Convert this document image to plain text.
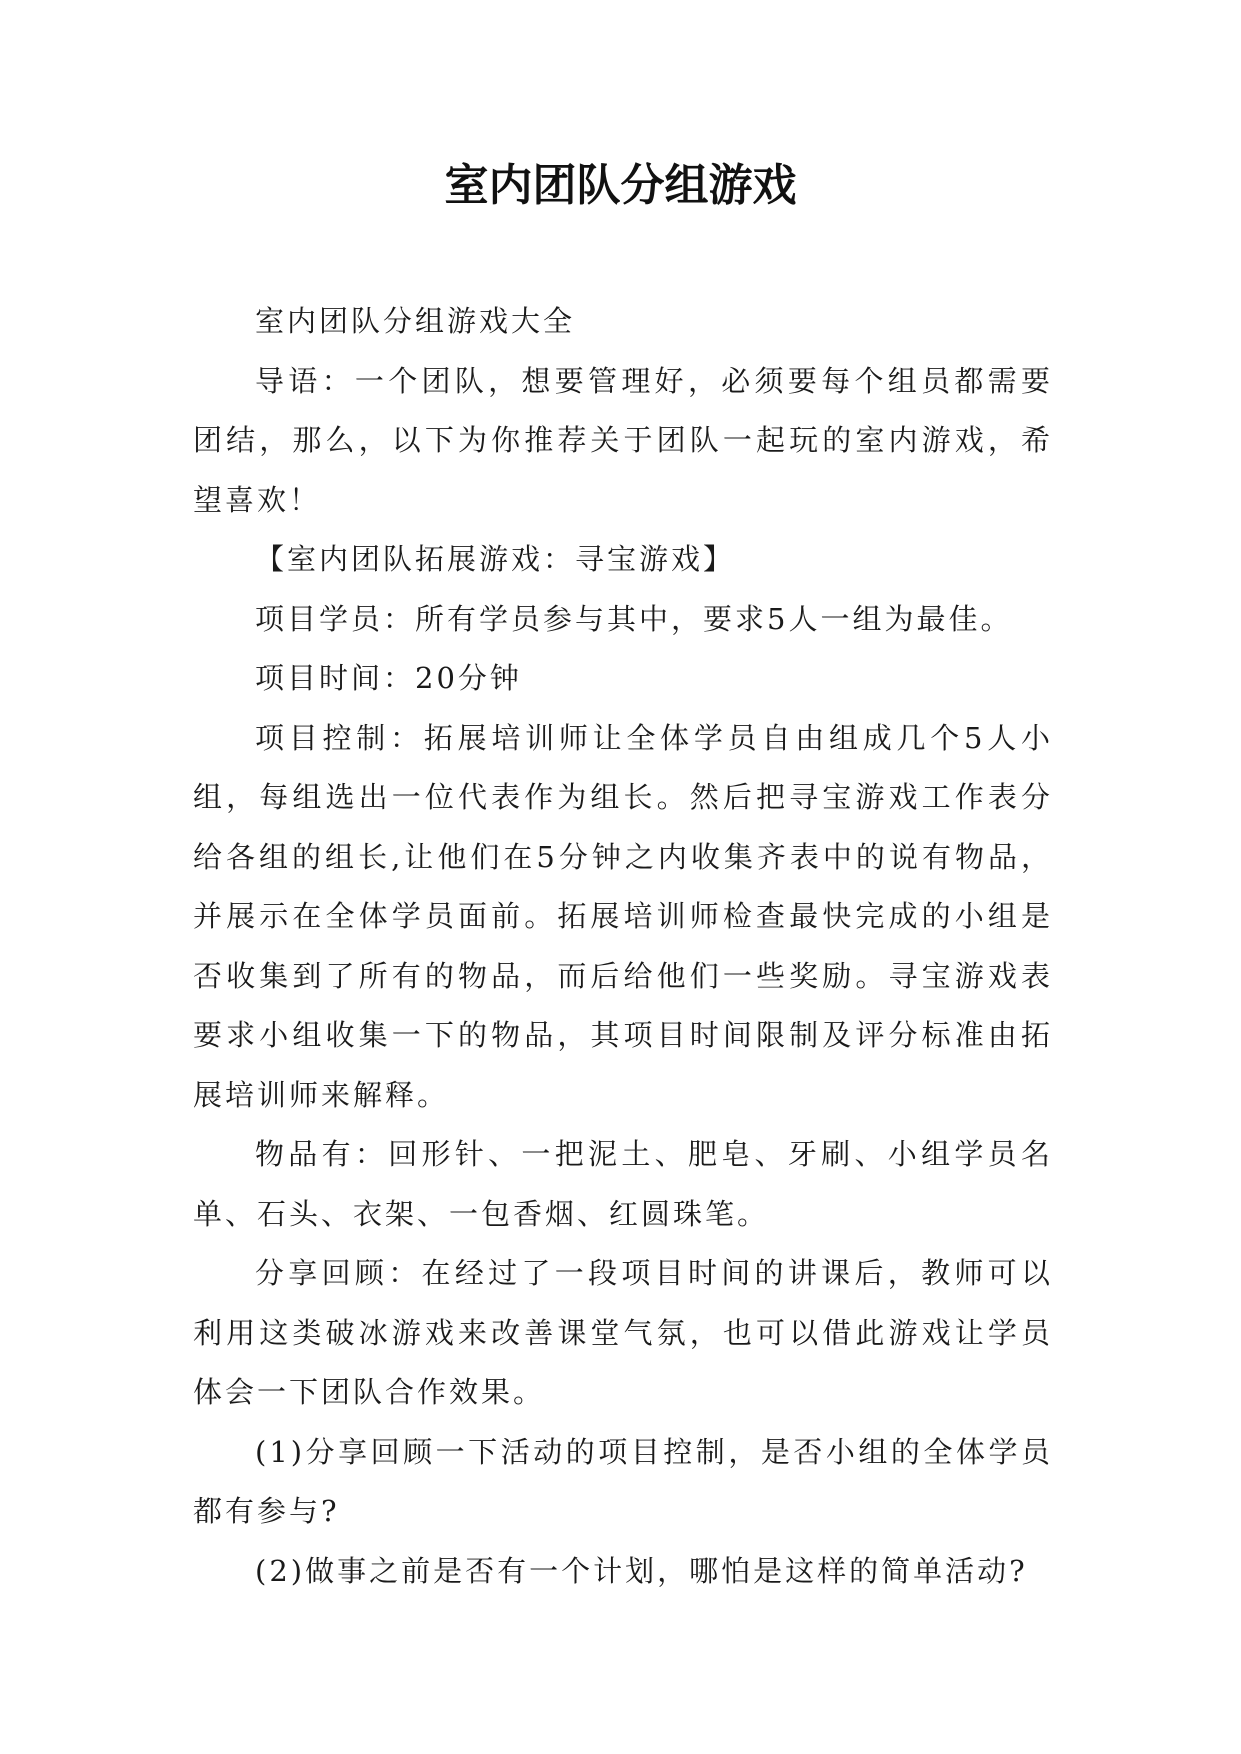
室内团队分组游戏

室内团队分组游戏大全

导语：一个团队，想要管理好，必须要每个组员都需要团结，那么，以下为你推荐关于团队一起玩的室内游戏，希望喜欢！

【室内团队拓展游戏：寻宝游戏】

项目学员：所有学员参与其中，要求5人一组为最佳。

项目时间：20分钟

项目控制：拓展培训师让全体学员自由组成几个5人小组，每组选出一位代表作为组长。然后把寻宝游戏工作表分给各组的组长,让他们在5分钟之内收集齐表中的说有物品，并展示在全体学员面前。拓展培训师检查最快完成的小组是否收集到了所有的物品，而后给他们一些奖励。寻宝游戏表要求小组收集一下的物品，其项目时间限制及评分标准由拓展培训师来解释。

物品有：回形针、一把泥土、肥皂、牙刷、小组学员名单、石头、衣架、一包香烟、红圆珠笔。

分享回顾：在经过了一段项目时间的讲课后，教师可以利用这类破冰游戏来改善课堂气氛，也可以借此游戏让学员体会一下团队合作效果。

(1)分享回顾一下活动的项目控制，是否小组的全体学员都有参与?

(2)做事之前是否有一个计划，哪怕是这样的简单活动?
